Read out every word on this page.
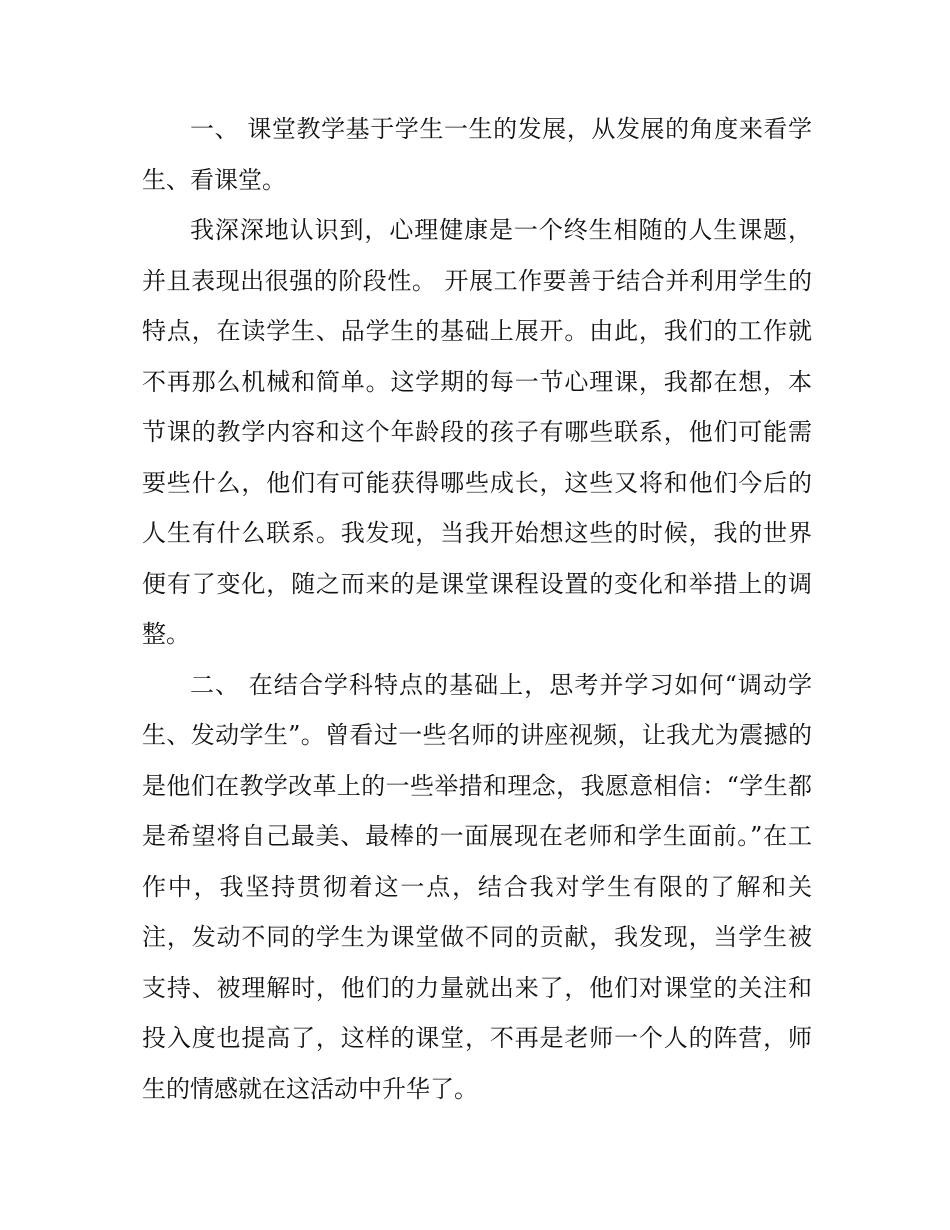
一、 课堂教学基于学生一生的发展，从发展的角度来看学生、看课堂。

我深深地认识到，心理健康是一个终生相随的人生课题，并且表现出很强的阶段性。 开展工作要善于结合并利用学生的特点，在读学生、品学生的基础上展开。由此，我们的工作就不再那么机械和简单。这学期的每一节心理课，我都在想，本节课的教学内容和这个年龄段的孩子有哪些联系，他们可能需要些什么，他们有可能获得哪些成长，这些又将和他们今后的人生有什么联系。我发现，当我开始想这些的时候，我的世界便有了变化，随之而来的是课堂课程设置的变化和举措上的调整。

二、 在结合学科特点的基础上，思考并学习如何“调动学生、发动学生”。曾看过一些名师的讲座视频，让我尤为震撼的是他们在教学改革上的一些举措和理念，我愿意相信：“学生都是希望将自己最美、最棒的一面展现在老师和学生面前。”在工作中，我坚持贯彻着这一点，结合我对学生有限的了解和关注，发动不同的学生为课堂做不同的贡献，我发现，当学生被支持、被理解时，他们的力量就出来了，他们对课堂的关注和投入度也提高了，这样的课堂，不再是老师一个人的阵营，师生的情感就在这活动中升华了。
